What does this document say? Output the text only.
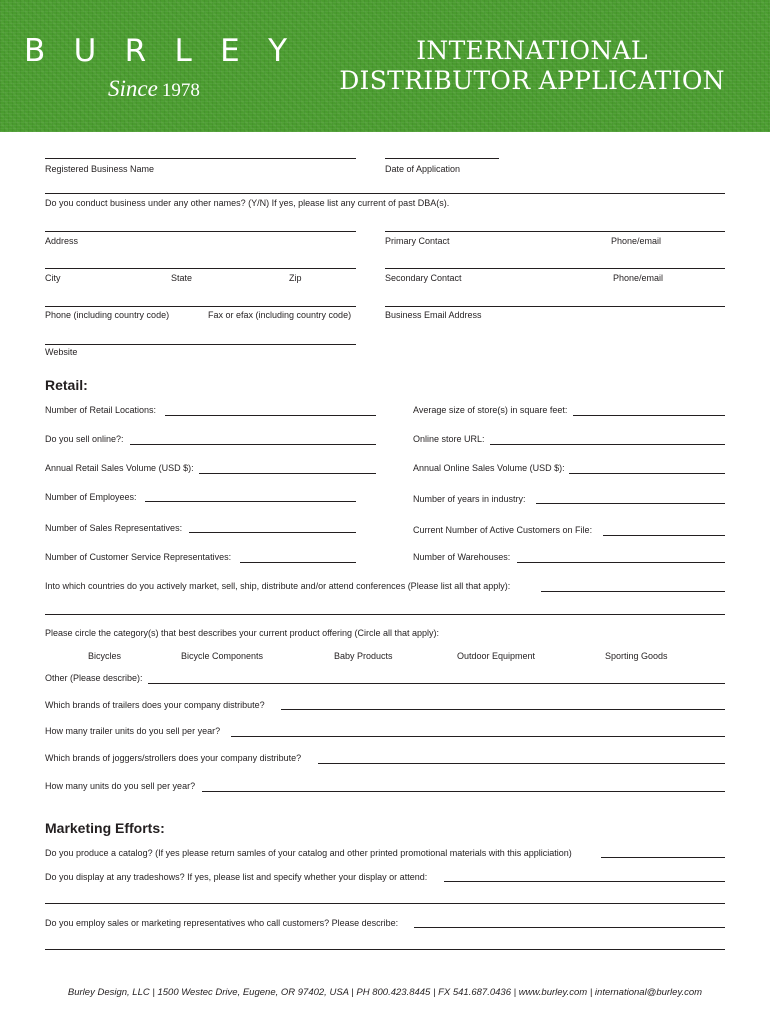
BURLEY
Since 1978
INTERNATIONAL
DISTRIBUTOR APPLICATION
Registered Business Name	Date of Application
Do you conduct business under any other names? (Y/N) If yes, please list any current of past DBA(s).
Address	Primary Contact	Phone/email
City	State	Zip	Secondary Contact	Phone/email
Phone (including country code)	Fax or efax (including country code)	Business Email Address
Website
Retail:
Number of Retail Locations:	Average size of store(s) in square feet:
Do you sell online?:	Online store URL:
Annual Retail Sales Volume (USD $):	Annual Online Sales Volume (USD $):
Number of Employees:	Number of years in industry:
Number of Sales Representatives:	Current Number of Active Customers on File:
Number of Customer Service Representatives:	Number of Warehouses:
Into which countries do you actively market, sell, ship, distribute and/or attend conferences (Please list all that apply):
Please circle the category(s) that best describes your current product offering (Circle all that apply):
Bicycles	Bicycle Components	Baby Products	Outdoor Equipment	Sporting Goods
Other (Please describe):
Which brands of trailers does your company distribute?
How many trailer units do you sell per year?
Which brands of joggers/strollers does your company distribute?
How many units do you sell per year?
Marketing Efforts:
Do you produce a catalog? (If yes please return samles of your catalog and other printed promotional materials with this appliciation)
Do you display at any tradeshows? If yes, please list and specify whether your display or attend:
Do you employ sales or marketing representatives who call customers? Please describe:
Burley Design, LLC | 1500 Westec Drive, Eugene, OR 97402, USA | PH 800.423.8445 | FX 541.687.0436 | www.burley.com | international@burley.com
